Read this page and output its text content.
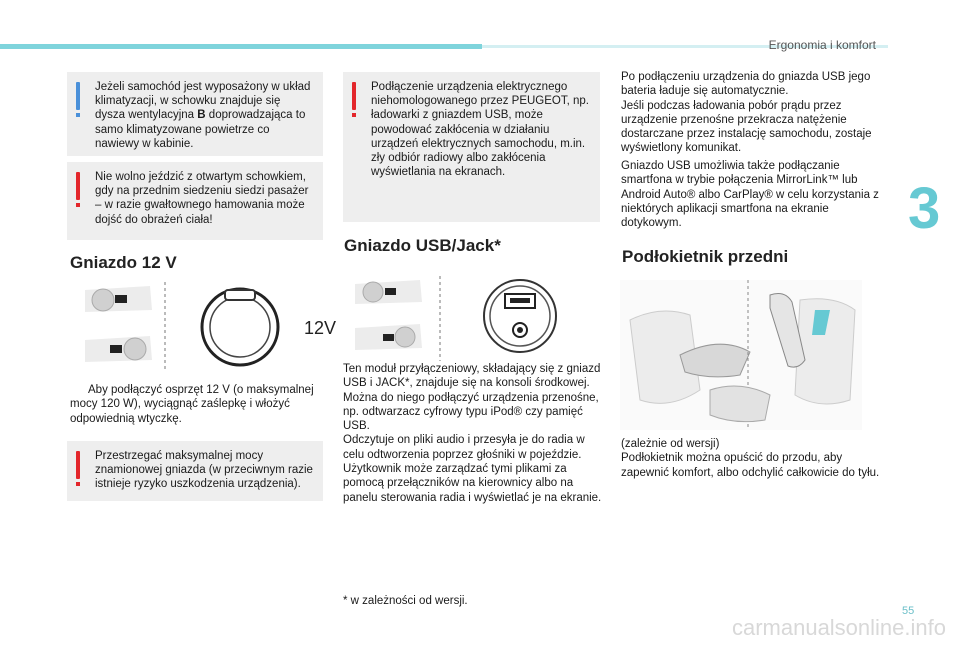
Ergonomia i komfort
3
55
Jeżeli samochód jest wyposażony w układ klimatyzacji, w schowku znajduje się dysza wentylacyjna B doprowadzająca to samo klimatyzowane powietrze co nawiewy w kabinie.
Nie wolno jeździć z otwartym schowkiem, gdy na przednim siedzeniu siedzi pasażer – w razie gwałtownego hamowania może dojść do obrażeń ciała!
Gniazdo 12 V
12V
Aby podłączyć osprzęt 12 V (o maksymalnej mocy 120 W), wyciągnąć zaślepkę i włożyć odpowiednią wtyczkę.
Przestrzegać maksymalnej mocy znamionowej gniazda (w przeciwnym razie istnieje ryzyko uszkodzenia urządzenia).
Podłączenie urządzenia elektrycznego niehomologowanego przez PEUGEOT, np. ładowarki z gniazdem USB, może powodować zakłócenia w działaniu urządzeń elektrycznych samochodu, m.in. zły odbiór radiowy albo zakłócenia wyświetlania na ekranach.
Gniazdo USB/Jack*
Ten moduł przyłączeniowy, składający się z gniazd USB i JACK*, znajduje się na konsoli środkowej.
Można do niego podłączyć urządzenia przenośne, np. odtwarzacz cyfrowy typu iPod® czy pamięć USB.
Odczytuje on pliki audio i przesyła je do radia w celu odtworzenia poprzez głośniki w pojeździe. Użytkownik może zarządzać tymi plikami za pomocą przełączników na kierownicy albo na panelu sterowania radia i wyświetlać je na ekranie.
* w zależności od wersji.
Po podłączeniu urządzenia do gniazda USB jego bateria ładuje się automatycznie.
Jeśli podczas ładowania pobór prądu przez urządzenie przenośne przekracza natężenie dostarczane przez instalację samochodu, zostaje wyświetlony komunikat.
Gniazdo USB umożliwia także podłączanie smartfona w trybie połączenia MirrorLink™ lub Android Auto® albo CarPlay® w celu korzystania z niektórych aplikacji smartfona na ekranie dotykowym.
Podłokietnik przedni
(zależnie od wersji)
Podłokietnik można opuścić do przodu, aby zapewnić komfort, albo odchylić całkowicie do tyłu.
carmanualsonline.info
